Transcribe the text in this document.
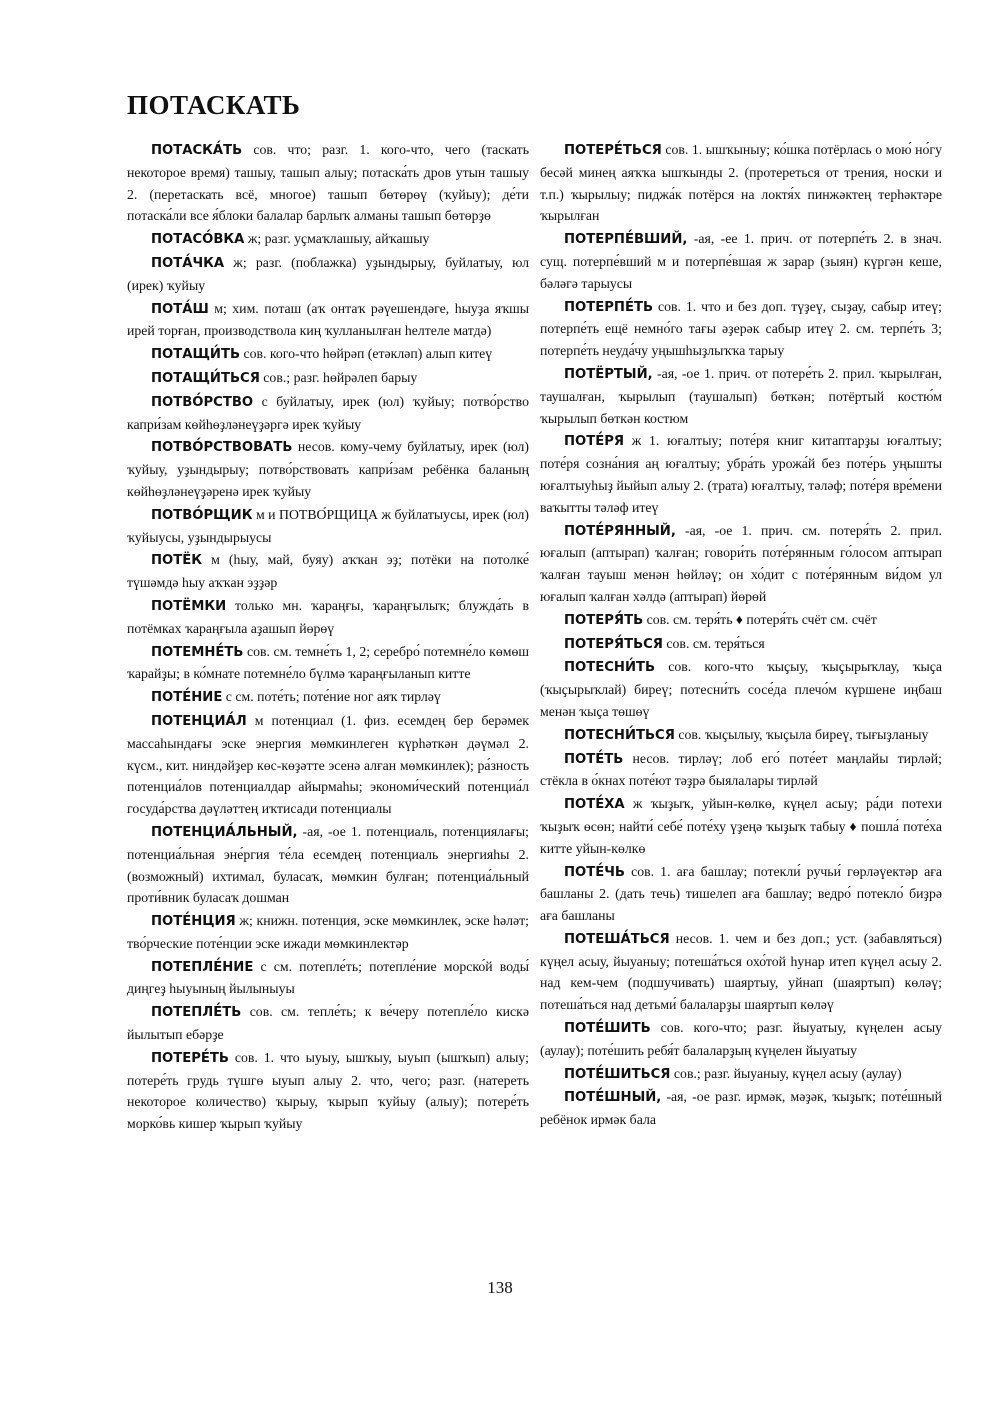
ПОТАСКАТЬ

ПОТАСКА́ТЬ сов. что; разг. 1. кого-что, чего (таскать некоторое время) ташыу, ташып алыу; потаска́ть дров утын ташыу 2. (перетаскать всё, многое) ташып бөтөрөү (ҡуйыу); де́ти потаска́ли все я́блоки балалар барлыҡ алманы ташып бөтөрҙө

ПОТАСО́ВКА ж; разг. уҫмаҡлашыу, айҡашыу

ПОТА́ЧКА ж; разг. (поблажка) уҙындырыу, буйлатыу, юл (ирек) ҡуйыу

ПОТА́Ш м; хим. поташ (аҡ онтаҡ рәүешендәге, һыуҙа яҡшы ирей торған, производствола киң ҡулланылған һелтеле матдә)

ПОТАЩИ́ТЬ сов. кого-что һөйрәп (етәкләп) алып китеү

ПОТАЩИ́ТЬСЯ сов.; разг. һөйрәлеп барыу

ПОТВО́РСТВО с буйлатыу, ирек (юл) ҡуйыу; потво́рство капри́зам көйһөҙләнеүҙәргә ирек ҡуйыу

ПОТВО́РСТВОВАТЬ несов. кому-чему буйлатыу, ирек (юл) ҡуйыу, уҙындырыу; потво́рствовать капри́зам ребёнка баланың көйһөҙләнеүҙәренә ирек ҡуйыу

ПОТВО́РЩИК м и ПОТВО́РЩИЦА ж буйлатыусы, ирек (юл) ҡуйыусы, уҙындырыусы

ПОТЁК м (һыу, май, буяу) аҡҡан эҙ; потёки на потолке́ түшәмдә һыу аҡҡан эҙҙәр

ПОТЁМКИ только мн. ҡараңғы, ҡараңғылыҡ; блужда́ть в потёмках ҡараңғыла аҙашып йөрөү

ПОТЕМНЕ́ТЬ сов. см. темне́ть 1, 2; серебро́ потемне́ло көмөш ҡарайҙы; в ко́мнате потемне́ло бүлмә ҡараңғыланып китте

ПОТЕ́НИЕ с см. поте́ть; поте́ние ног аяҡ тирләү

ПОТЕНЦИА́Л м потенциал (1. физ. есемдең бер берәмек массаһындағы эске энергия мөмкинлеген күрһәткән дәүмәл 2. күсм., кит. ниндәйҙер көс-көҙәтте эсенә алған мөмкинлек); ра́зность потенциа́лов потенциалдар айырмаһы; экономи́ческий потенциа́л госуда́рства дәүләттең иҡтисади потенциалы

ПОТЕНЦИА́ЛЬНЫЙ, -ая, -ое 1. потенциаль, потенциялағы; потенциа́льная эне́ргия те́ла есемдең потенциаль энергияһы 2. (возможный) ихтимал, буласаҡ, мөмкин булған; потенциа́льный проти́вник буласаҡ дошман

ПОТЕ́НЦИЯ ж; книжн. потенция, эске мөмкинлек, эске һәләт; тво́рческие поте́нции эске ижади мөмкинлектәр

ПОТЕПЛЕ́НИЕ с см. потепле́ть; потепле́ние морско́й воды́ диңгеҙ һыуының йылыныуы

ПОТЕПЛЕ́ТЬ сов. см. тепле́ть; к ве́черу потепле́ло кискә йылытып ебәрҙе

ПОТЕРЕ́ТЬ сов. 1. что ыуыу, ышҡыу, ыуып (ышҡып) алыу; потере́ть грудь түшгө ыуып алыу 2. что, чего; разг. (натереть некоторое количество) ҡырыу, ҡырып ҡуйыу (алыу); потере́ть морко́вь кишер ҡырып ҡуйыу

ПОТЕРЕ́ТЬСЯ сов. 1. ышҡыныу; ко́шка потёрлась о мою́ но́гу бесәй минең аяҡҡа ышҡынды 2. (протереться от трения, носки и т.п.) ҡырылыу; пиджа́к потёрся на локтя́х пинжәктең терһәктәре ҡырылған

ПОТЕРПЕ́ВШИЙ, -ая, -ее 1. прич. от потерпе́ть 2. в знач. сущ. потерпе́вший м и потерпе́вшая ж зарар (зыян) күргән кеше, бәләгә тарыусы

ПОТЕРПЕ́ТЬ сов. 1. что и без доп. түҙеү, сыҙау, сабыр итеү; потерпе́ть ещё немно́го тағы әҙерәк сабыр итеү 2. см. терпе́ть 3; потерпе́ть неуда́чу уңышһыҙлыҡҡа тарыу

ПОТЁРТЫЙ, -ая, -ое 1. прич. от потере́ть 2. прил. ҡырылған, таушалған, ҡырылып (таушалып) бөткән; потёртый костю́м ҡырылып бөткән костюм

ПОТЕ́РЯ ж 1. юғалтыу; поте́ря книг китаптарҙы юғалтыу; поте́ря созна́ния аң юғалтыу; убра́ть урожа́й без поте́рь уңышты юғалтыуһыҙ йыйып алыу 2. (трата) юғалтыу, тәләф; поте́ря вре́мени ваҡытты тәләф итеү

ПОТЕ́РЯННЫЙ, -ая, -ое 1. прич. см. потеря́ть 2. прил. юғалып (аптырап) ҡалған; говори́ть поте́рянным го́лосом аптырап ҡалған тауыш менән һөйләү; он хо́дит с поте́рянным ви́дом ул юғалып ҡалған хәлдә (аптырап) йөрөй

ПОТЕРЯ́ТЬ сов. см. теря́ть ♦ потеря́ть счёт см. счёт

ПОТЕРЯ́ТЬСЯ сов. см. теря́ться

ПОТЕСНИ́ТЬ сов. кого-что ҡыҫыу, ҡыҫырыҡлау, ҡыҫа (ҡыҫырыҡлай) биреү; потесни́ть сосе́да плечо́м күршене иңбаш менән ҡыҫа төшөү

ПОТЕСНИ́ТЬСЯ сов. ҡыҫылыу, ҡыҫыла биреү, тығыҙланыу

ПОТЕ́ТЬ несов. тирләү; лоб его́ поте́ет маңлайы тирләй; стёкла в о́кнах поте́ют тәҙрә быялалары тирләй

ПОТЕ́ХА ж ҡыҙыҡ, уйын-көлкө, күңел асыу; ра́ди потехи ҡыҙыҡ өсөн; найти́ себе́ поте́ху үҙеңә ҡыҙыҡ табыу ♦ пошла́ поте́ха китте уйын-көлкө

ПОТЕ́ЧЬ сов. 1. аға башлау; потекли́ ручьи́ гөрләүектәр аға башланы 2. (дать течь) тишелеп аға башлау; ведро́ потекло́ биҙрә аға башланы

ПОТЕША́ТЬСЯ несов. 1. чем и без доп.; уст. (забавляться) күңел асыу, йыуаныу; потеша́ться охо́той һунар итеп күңел асыу 2. над кем-чем (подшучивать) шаяртыу, уйнап (шаяртып) көләү; потеша́ться над детьми́ балаларҙы шаяртып көләү

ПОТЕ́ШИТЬ сов. кого-что; разг. йыуатыу, күңелен асыу (аулау); поте́шить ребя́т балаларҙың күңелен йыуатыу

ПОТЕ́ШИТЬСЯ сов.; разг. йыуаныу, күңел асыу (аулау)

ПОТЕ́ШНЫЙ, -ая, -ое разг. ирмәк, мәҙәк, ҡыҙыҡ; поте́шный ребёнок ирмәк бала

138
